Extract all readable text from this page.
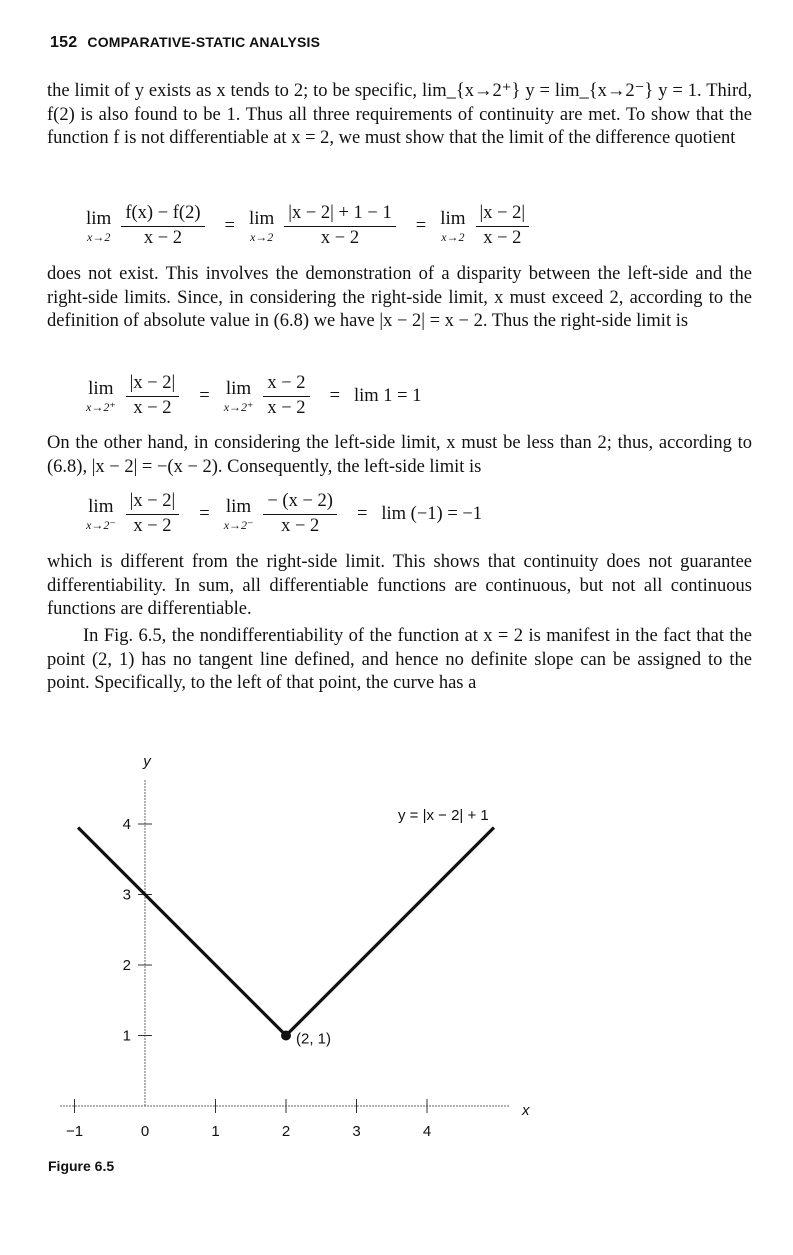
152 COMPARATIVE-STATIC ANALYSIS

the limit of y exists as x tends to 2; to be specific, lim_{x→2⁺} y = lim_{x→2⁻} y = 1. Third, f(2) is also found to be 1. Thus all three requirements of continuity are met. To show that the function f is not differentiable at x = 2, we must show that the limit of the difference quotient

lim
$x\to 2 \frac{f(x) - f(2)}{x - 2} = \lim$
$x\to 2 \frac{|x - 2| + 1 - 1}{x - 2} = \lim$
$x\to 2 \frac{|x - 2|}{x - 2}$

does not exist. This involves the demonstration of a disparity between the left-side and the right-side limits. Since, in considering the right-side limit, x must exceed 2, according to the definition of absolute value in (6.8) we have |x − 2| = x − 2. Thus the right-side limit is

lim
$x\to 2^+ \frac{|x - 2|}{x - 2} = \lim$
$x\to 2^+ \frac{x - 2}{x - 2} = \lim 1 = 1$

On the other hand, in considering the left-side limit, x must be less than 2; thus, according to (6.8), |x − 2| = −(x − 2). Consequently, the left-side limit is

lim
$x\to 2^- \frac{|x - 2|}{x - 2} = \lim$
$x\to 2^- \frac{- (x - 2)}{x - 2} = \lim (-1) = -1$

which is different from the right-side limit. This shows that continuity does not guarantee differentiability. In sum, all differentiable functions are continuous, but not all continuous functions are differentiable.

In Fig. 6.5, the nondifferentiability of the function at x = 2 is manifest in the fact that the point (2, 1) has no tangent line defined, and hence no definite slope can be assigned to the point. Specifically, to the left of that point, the curve has a

−1	0	1	2	3	4
1
2
3
4
(2, 1)
y
x
y = |x − 2| + 1
Figure 6.5
